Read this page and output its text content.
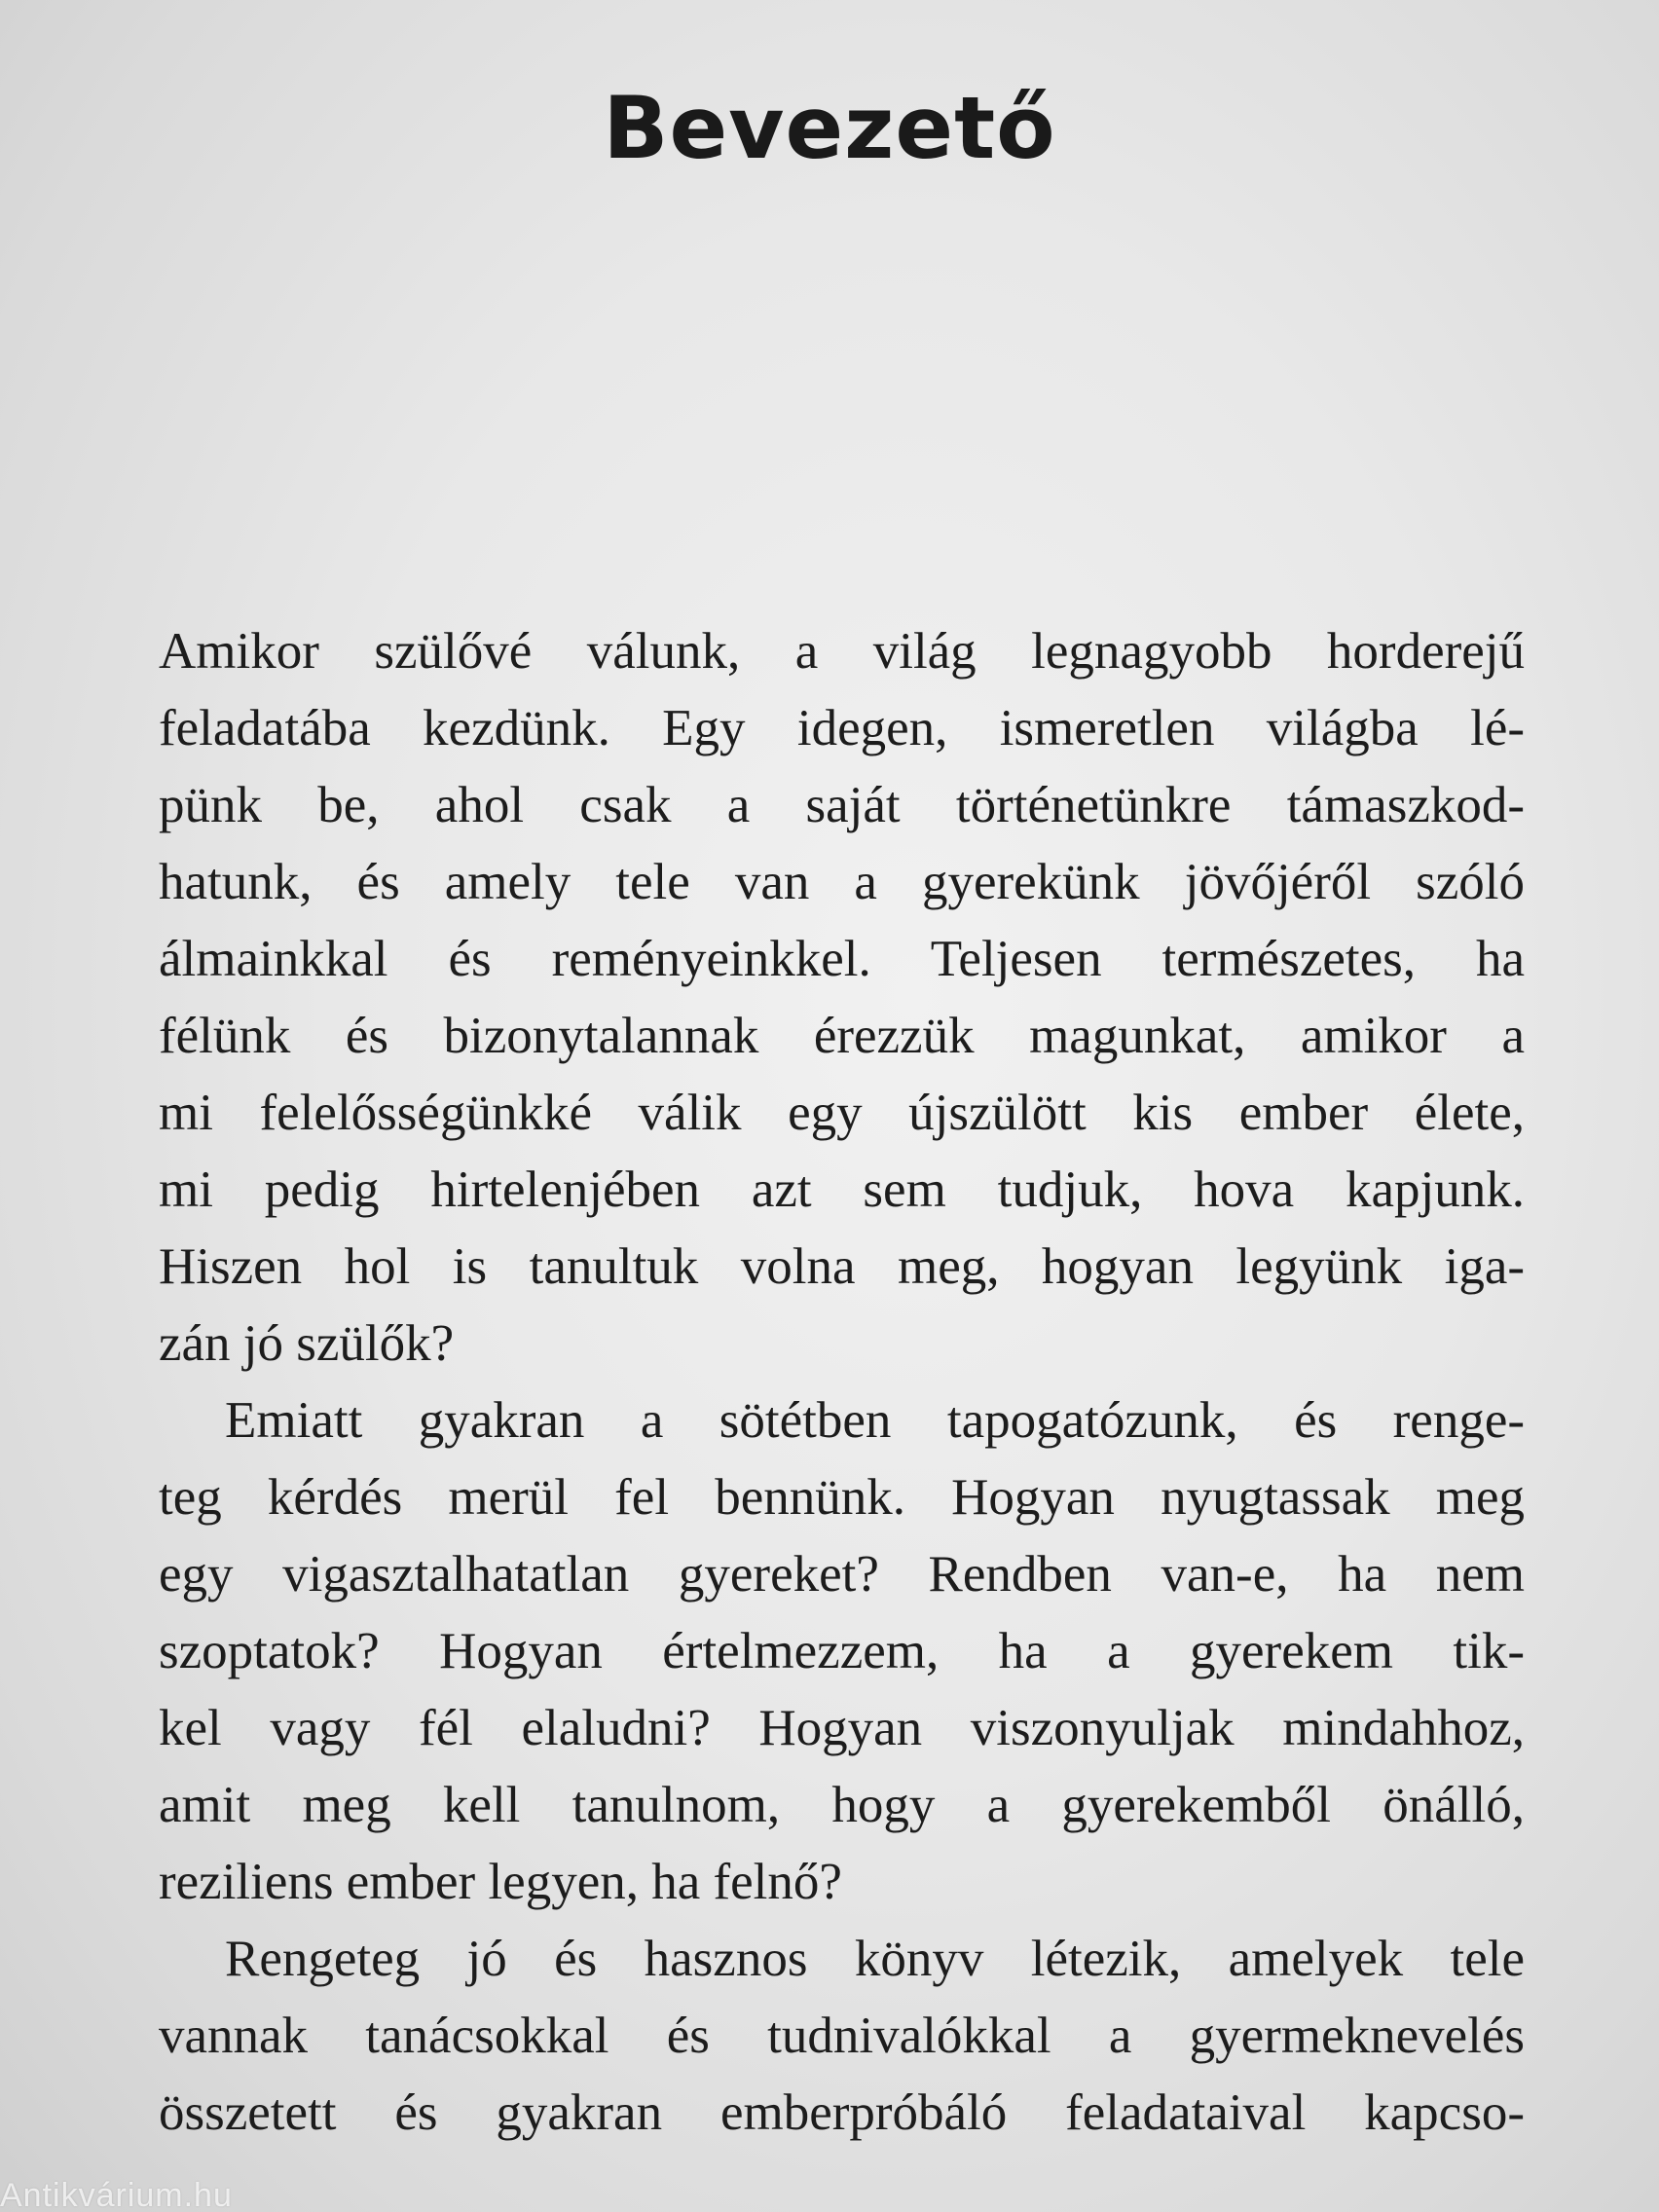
Bevezető

Amikor szülővé válunk, a világ legnagyobb horderejű
feladatába kezdünk. Egy idegen, ismeretlen világba lé-
pünk be, ahol csak a saját történetünkre támaszkod-
hatunk, és amely tele van a gyerekünk jövőjéről szóló
álmainkkal és reményeinkkel. Teljesen természetes, ha
félünk és bizonytalannak érezzük magunkat, amikor a
mi felelősségünkké válik egy újszülött kis ember élete,
mi pedig hirtelenjében azt sem tudjuk, hova kapjunk.
Hiszen hol is tanultuk volna meg, hogyan legyünk iga-
zán jó szülők?

Emiatt gyakran a sötétben tapogatózunk, és renge-
teg kérdés merül fel bennünk. Hogyan nyugtassak meg
egy vigasztalhatatlan gyereket? Rendben van-e, ha nem
szoptatok? Hogyan értelmezzem, ha a gyerekem tik-
kel vagy fél elaludni? Hogyan viszonyuljak mindahhoz,
amit meg kell tanulnom, hogy a gyerekemből önálló,
reziliens ember legyen, ha felnő?

Rengeteg jó és hasznos könyv létezik, amelyek tele
vannak tanácsokkal és tudnivalókkal a gyermeknevelés
összetett és gyakran emberpróbáló feladataival kapcso-

Antikvárium.hu
